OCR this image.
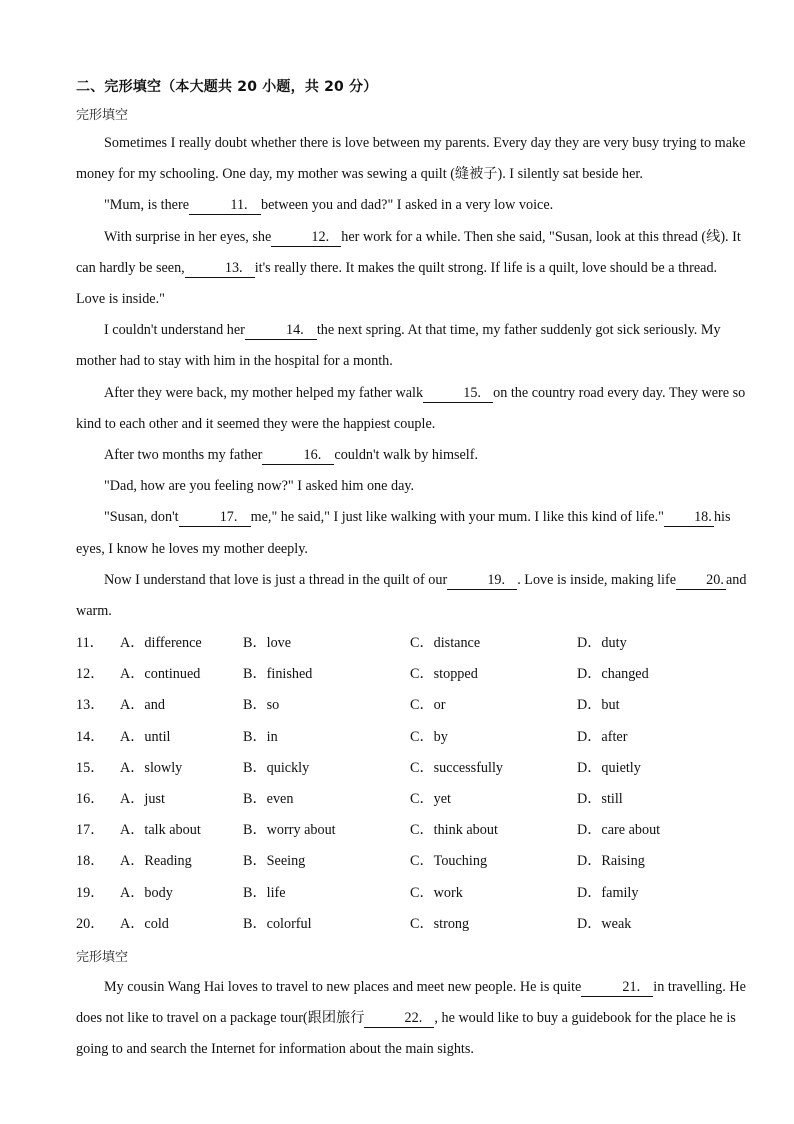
二、完形填空（本大题共 20 小题，共 20 分）
完形填空

Sometimes I really doubt whether there is love between my parents. Every day they are very busy trying to make money for my schooling. One day, my mother was sewing a quilt (缝被子). I silently sat beside her.

"Mum, is there	11. between you and dad?" I asked in a very low voice.

With surprise in her eyes, she	12. her work for a while. Then she said, "Susan, look at this thread (线). It can hardly be seen,	13. it's really there. It makes the quilt strong. If life is a quilt, love should be a thread. Love is inside."

I couldn't understand her	14. the next spring. At that time, my father suddenly got sick seriously. My mother had to stay with him in the hospital for a month.

After they were back, my mother helped my father walk	15. on the country road every day. They were so kind to each other and it seemed they were the happiest couple.

After two months my father	16. couldn't walk by himself.

"Dad, how are you feeling now?" I asked him one day.

"Susan, don't	17. me," he said," I just like walking with your mum. I like this kind of life." 18. his eyes, I know he loves my mother deeply.

Now I understand that love is just a thread in the quilt of our	19. . Love is inside, making life 20. and warm.

11． A．difference	B．love	C．distance	D．duty
12． A．continued	B．finished	C．stopped	D．changed
13． A．and	B．so	C．or	D．but
14． A．until	B．in	C．by	D．after
15． A．slowly	B．quickly	C．successfully	D．quietly
16． A．just	B．even	C．yet	D．still
17． A．talk about	B．worry about	C．think about	D．care about
18． A．Reading	B．Seeing	C．Touching	D．Raising
19． A．body	B．life	C．work	D．family
20． A．cold	B．colorful	C．strong	D．weak
完形填空

My cousin Wang Hai loves to travel to new places and meet new people. He is quite	21. in travelling. He does not like to travel on a package tour(跟团旅行	22. , he would like to buy a guidebook for the place he is going to and search the Internet for information about the main sights.
